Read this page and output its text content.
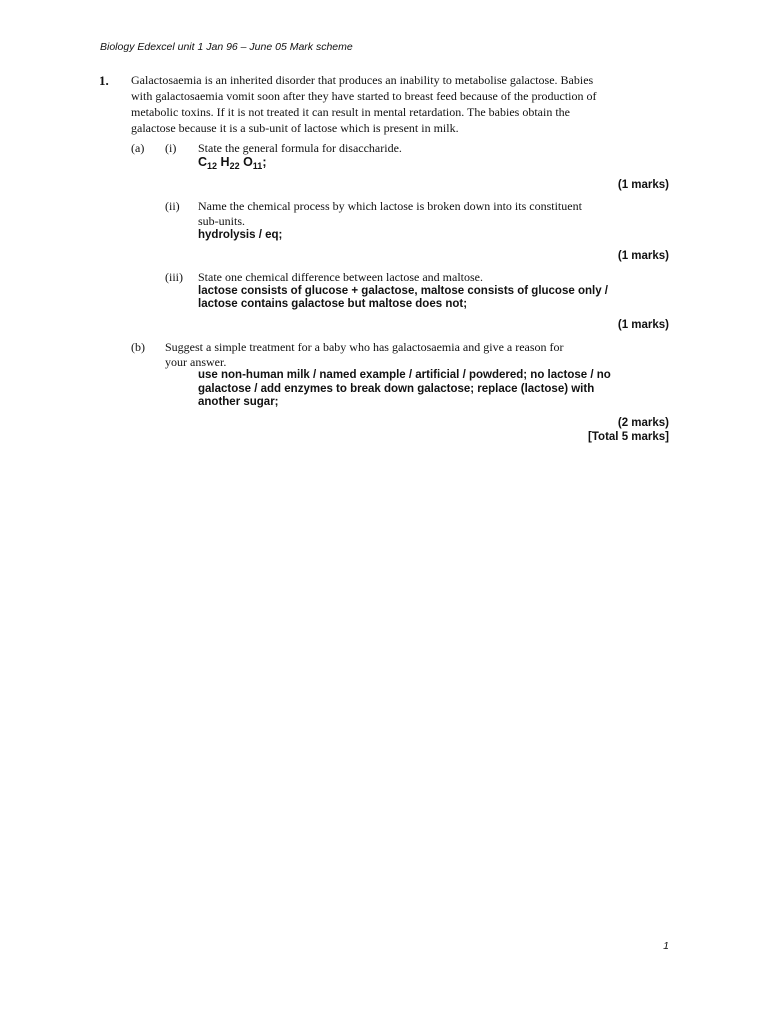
Biology Edexcel unit 1 Jan 96 – June 05 Mark scheme
1. Galactosaemia is an inherited disorder that produces an inability to metabolise galactose. Babies
with galactosaemia vomit soon after they have started to breast feed because of the production of
metabolic toxins. If it is not treated it can result in mental retardation. The babies obtain the
galactose because it is a sub-unit of lactose which is present in milk.
(a) (i) State the general formula for disaccharide.
$C_{12}$ $H_{22}$ $O_{11}$;
(1 marks)
(ii) Name the chemical process by which lactose is broken down into its constituent
sub-units.
hydrolysis / eq;
(1 marks)
(iii) State one chemical difference between lactose and maltose.
lactose consists of glucose + galactose, maltose consists of glucose only /
lactose contains galactose but maltose does not;
(1 marks)
(b) Suggest a simple treatment for a baby who has galactosaemia and give a reason for
your answer.
use non-human milk / named example / artificial / powdered; no lactose / no
galactose / add enzymes to break down galactose; replace (lactose) with
another sugar;
(2 marks)
[Total 5 marks]
1
